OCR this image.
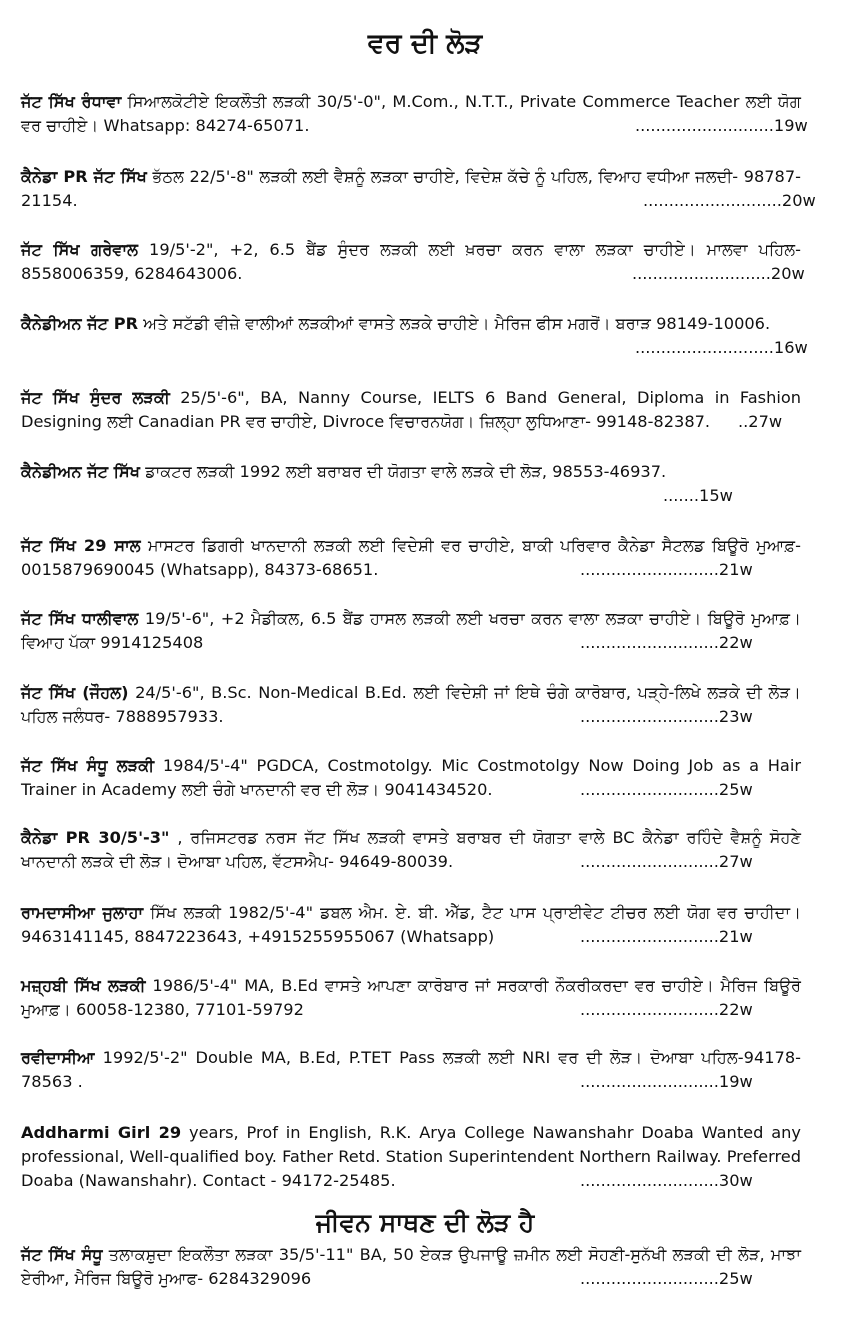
ਵਰ ਦੀ ਲੋੜ
ਜੱਟ ਸਿੱਖ ਰੰਧਾਵਾ ਸਿਆਲਕੋਟੀਏ ਇਕਲੌਤੀ ਲੜਕੀ 30/5'-0", M.Com., N.T.T., Private Commerce Teacher ਲਈ ਯੋਗ ਵਰ ਚਾਹੀਏ। Whatsapp: 84274-65071.	...........................19w
ਕੈਨੇਡਾ PR ਜੱਟ ਸਿੱਖ ਭੱਠਲ 22/5'-8" ਲੜਕੀ ਲਈ ਵੈਸ਼ਨੂੰ ਲੜਕਾ ਚਾਹੀਏ, ਵਿਦੇਸ਼ ਕੱਚੇ ਨੂੰ ਪਹਿਲ, ਵਿਆਹ ਵਧੀਆ ਜਲਦੀ- 98787-21154.	...........................20w
ਜੱਟ ਸਿੱਖ ਗਰੇਵਾਲ 19/5'-2", +2, 6.5 ਬੈਂਡ ਸੁੰਦਰ ਲੜਕੀ ਲਈ ਖ਼ਰਚਾ ਕਰਨ ਵਾਲਾ ਲੜਕਾ ਚਾਹੀਏ। ਮਾਲਵਾ ਪਹਿਲ- 8558006359, 6284643006.	...........................20w
ਕੈਨੇਡੀਅਨ ਜੱਟ PR ਅਤੇ ਸਟੱਡੀ ਵੀਜ਼ੇ ਵਾਲੀਆਂ ਲੜਕੀਆਂ ਵਾਸਤੇ ਲੜਕੇ ਚਾਹੀਏ। ਮੈਰਿਜ ਫੀਸ ਮਗਰੋਂ। ਬਰਾੜ 98149-10006.
...........................16w
ਜੱਟ ਸਿੱਖ ਸੁੰਦਰ ਲੜਕੀ 25/5'-6", BA, Nanny Course, IELTS 6 Band General, Diploma in Fashion Designing ਲਈ Canadian PR ਵਰ ਚਾਹੀਏ, Divroce ਵਿਚਾਰਨਯੋਗ। ਜ਼ਿਲ੍ਹਾ ਲੁਧਿਆਣਾ- 99148-82387.	..27w
ਕੈਨੇਡੀਅਨ ਜੱਟ ਸਿੱਖ ਡਾਕਟਰ ਲੜਕੀ 1992 ਲਈ ਬਰਾਬਰ ਦੀ ਯੋਗਤਾ ਵਾਲੇ ਲੜਕੇ ਦੀ ਲੋੜ, 98553-46937.
.......15w
ਜੱਟ ਸਿੱਖ 29 ਸਾਲ ਮਾਸਟਰ ਡਿਗਰੀ ਖਾਨਦਾਨੀ ਲੜਕੀ ਲਈ ਵਿਦੇਸ਼ੀ ਵਰ ਚਾਹੀਏ, ਬਾਕੀ ਪਰਿਵਾਰ ਕੈਨੇਡਾ ਸੈਟਲਡ ਬਿਊਰੋ ਮੁਆਫ਼- 0015879690045 (Whatsapp), 84373-68651.	...........................21w
ਜੱਟ ਸਿੱਖ ਧਾਲੀਵਾਲ 19/5'-6", +2 ਮੈਡੀਕਲ, 6.5 ਬੈਂਡ ਹਾਸਲ ਲੜਕੀ ਲਈ ਖਰਚਾ ਕਰਨ ਵਾਲਾ ਲੜਕਾ ਚਾਹੀਏ। ਬਿਊਰੋ ਮੁਆਫ਼। ਵਿਆਹ ਪੱਕਾ 9914125408	...........................22w
ਜੱਟ ਸਿੱਖ (ਜੌਹਲ) 24/5'-6", B.Sc. Non-Medical B.Ed. ਲਈ ਵਿਦੇਸ਼ੀ ਜਾਂ ਇਥੇ ਚੰਗੇ ਕਾਰੋਬਾਰ, ਪੜ੍ਹੇ-ਲਿਖੇ ਲੜਕੇ ਦੀ ਲੋੜ। ਪਹਿਲ ਜਲੰਧਰ- 7888957933.	...........................23w
ਜੱਟ ਸਿੱਖ ਸੰਧੂ ਲੜਕੀ 1984/5'-4" PGDCA, Costmotolgy. Mic Costmotolgy Now Doing Job as a Hair Trainer in Academy ਲਈ ਚੰਗੇ ਖਾਨਦਾਨੀ ਵਰ ਦੀ ਲੋੜ। 9041434520.	...........................25w
ਕੈਨੇਡਾ PR 30/5'-3" , ਰਜਿਸਟਰਡ ਨਰਸ ਜੱਟ ਸਿੱਖ ਲੜਕੀ ਵਾਸਤੇ ਬਰਾਬਰ ਦੀ ਯੋਗਤਾ ਵਾਲੇ BC ਕੈਨੇਡਾ ਰਹਿੰਦੇ ਵੈਸ਼ਨੂੰ ਸੋਹਣੇ ਖਾਨਦਾਨੀ ਲੜਕੇ ਦੀ ਲੋੜ। ਦੋਆਬਾ ਪਹਿਲ, ਵੱਟਸਐਪ- 94649-80039.	...........................27w
ਰਾਮਦਾਸੀਆ ਜੁਲਾਹਾ ਸਿੱਖ ਲੜਕੀ 1982/5'-4" ਡਬਲ ਐਮ. ਏ. ਬੀ. ਐੱਡ, ਟੈਟ ਪਾਸ ਪ੍ਰਾਈਵੇਟ ਟੀਚਰ ਲਈ ਯੋਗ ਵਰ ਚਾਹੀਦਾ। 9463141145, 8847223643, +4915255955067 (Whatsapp)	...........................21w
ਮਜ਼੍ਹਬੀ ਸਿੱਖ ਲੜਕੀ 1986/5'-4" MA, B.Ed ਵਾਸਤੇ ਆਪਣਾ ਕਾਰੋਬਾਰ ਜਾਂ ਸਰਕਾਰੀ ਨੌਕਰੀਕਰਦਾ ਵਰ ਚਾਹੀਏ। ਮੈਰਿਜ ਬਿਊਰੋ ਮੁਆਫ਼। 60058-12380, 77101-59792	...........................22w
ਰਵੀਦਾਸੀਆ 1992/5'-2" Double MA, B.Ed, P.TET Pass ਲੜਕੀ ਲਈ NRI ਵਰ ਦੀ ਲੋੜ। ਦੋਆਬਾ ਪਹਿਲ-94178-78563 .	...........................19w
Addharmi Girl 29 years, Prof in English, R.K. Arya College Nawanshahr Doaba Wanted any professional, Well-qualified boy. Father Retd. Station Superintendent Northern Railway. Preferred Doaba (Nawanshahr). Contact - 94172-25485.	...........................30w
ਜੀਵਨ ਸਾਥਣ ਦੀ ਲੋੜ ਹੈ
ਜੱਟ ਸਿੱਖ ਸੰਧੂ ਤਲਾਕਸ਼ੁਦਾ ਇਕਲੌਤਾ ਲੜਕਾ 35/5'-11" BA, 50 ਏਕੜ ਉਪਜਾਊ ਜ਼ਮੀਨ ਲਈ ਸੋਹਣੀ-ਸੁਨੱਖੀ ਲੜਕੀ ਦੀ ਲੋੜ, ਮਾਝਾ ਏਰੀਆ, ਮੈਰਿਜ ਬਿਊਰੋ ਮੁਆਫ- 6284329096	...........................25w
